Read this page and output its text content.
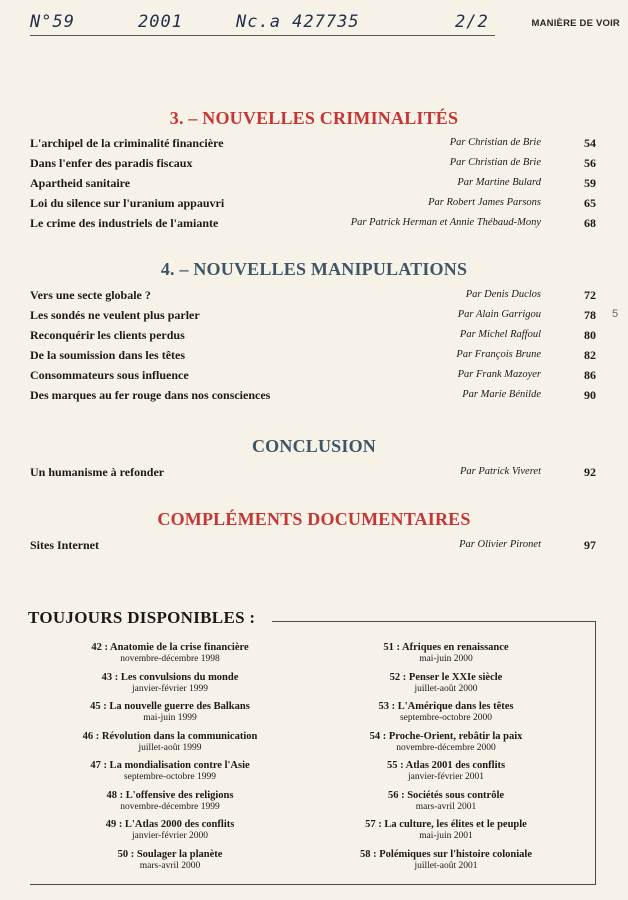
N°59	2001	Nc.a 427735	2/2	MANIÈRE DE VOIR
3. – NOUVELLES CRIMINALITÉS
L'archipel de la criminalité financière	Par Christian de Brie	54
Dans l'enfer des paradis fiscaux	Par Christian de Brie	56
Apartheid sanitaire	Par Martine Bulard	59
Loi du silence sur l'uranium appauvri	Par Robert James Parsons	65
Le crime des industriels de l'amiante	Par Patrick Herman et Annie Thébaud-Mony	68
4. – NOUVELLES MANIPULATIONS
Vers une secte globale ?	Par Denis Duclos	72
Les sondés ne veulent plus parler	Par Alain Garrigou	78
Reconquérir les clients perdus	Par Michel Raffoul	80
De la soumission dans les têtes	Par François Brune	82
Consommateurs sous influence	Par Frank Mazoyer	86
Des marques au fer rouge dans nos consciences	Par Marie Bénilde	90
5
CONCLUSION
Un humanisme à refonder	Par Patrick Viveret	92
COMPLÉMENTS DOCUMENTAIRES
Sites Internet	Par Olivier Pironet	97
TOUJOURS DISPONIBLES :
42 : Anatomie de la crise financière
novembre-décembre 1998
43 : Les convulsions du monde
janvier-février 1999
45 : La nouvelle guerre des Balkans
mai-juin 1999
46 : Révolution dans la communication
juillet-août 1999
47 : La mondialisation contre l'Asie
septembre-octobre 1999
48 : L'offensive des religions
novembre-décembre 1999
49 : L'Atlas 2000 des conflits
janvier-février 2000
50 : Soulager la planète
mars-avril 2000
51 : Afriques en renaissance
mai-juin 2000
52 : Penser le XXIe siècle
juillet-août 2000
53 : L'Amérique dans les têtes
septembre-octobre 2000
54 : Proche-Orient, rebâtir la paix
novembre-décembre 2000
55 : Atlas 2001 des conflits
janvier-février 2001
56 : Sociétés sous contrôle
mars-avril 2001
57 : La culture, les élites et le peuple
mai-juin 2001
58 : Polémiques sur l'histoire coloniale
juillet-août 2001
